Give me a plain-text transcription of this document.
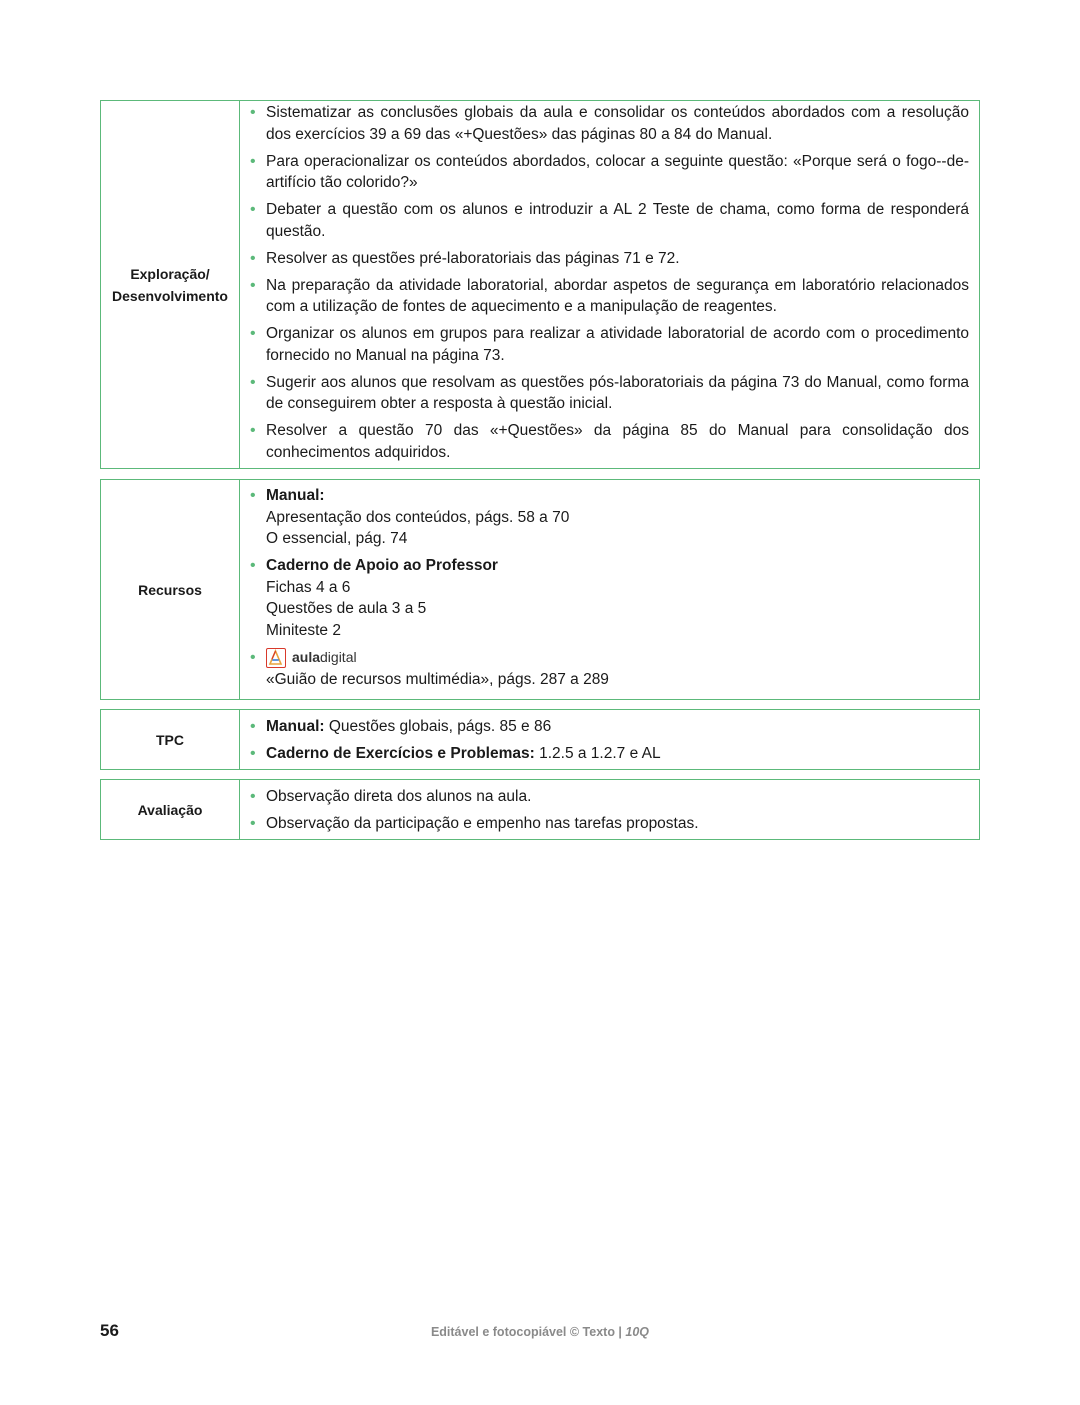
Exploração/
Desenvolvimento
• Sistematizar as conclusões globais da aula e consolidar os conteúdos abordados com a resolução dos exercícios 39 a 69 das «+Questões» das páginas 80 a 84 do Manual.
• Para operacionalizar os conteúdos abordados, colocar a seguinte questão: «Porque será o fogo--de-artifício tão colorido?»
• Debater a questão com os alunos e introduzir a AL 2 Teste de chama, como forma de responderá questão.
• Resolver as questões pré-laboratoriais das páginas 71 e 72.
• Na preparação da atividade laboratorial, abordar aspetos de segurança em laboratório relacionados com a utilização de fontes de aquecimento e a manipulação de reagentes.
• Organizar os alunos em grupos para realizar a atividade laboratorial de acordo com o procedimento fornecido no Manual na página 73.
• Sugerir aos alunos que resolvam as questões pós-laboratoriais da página 73 do Manual, como forma de conseguirem obter a resposta à questão inicial.
• Resolver a questão 70 das «+Questões» da página 85 do Manual para consolidação dos conhecimentos adquiridos.
Recursos
• Manual:
Apresentação dos conteúdos, págs. 58 a 70
O essencial, pág. 74
• Caderno de Apoio ao Professor
Fichas 4 a 6
Questões de aula 3 a 5
Miniteste 2
• auladigital
«Guião de recursos multimédia», págs. 287 a 289
TPC
• Manual: Questões globais, págs. 85 e 86
• Caderno de Exercícios e Problemas: 1.2.5 a 1.2.7 e AL
Avaliação
• Observação direta dos alunos na aula.
• Observação da participação e empenho nas tarefas propostas.
56	Editável e fotocopiável © Texto | 10Q
